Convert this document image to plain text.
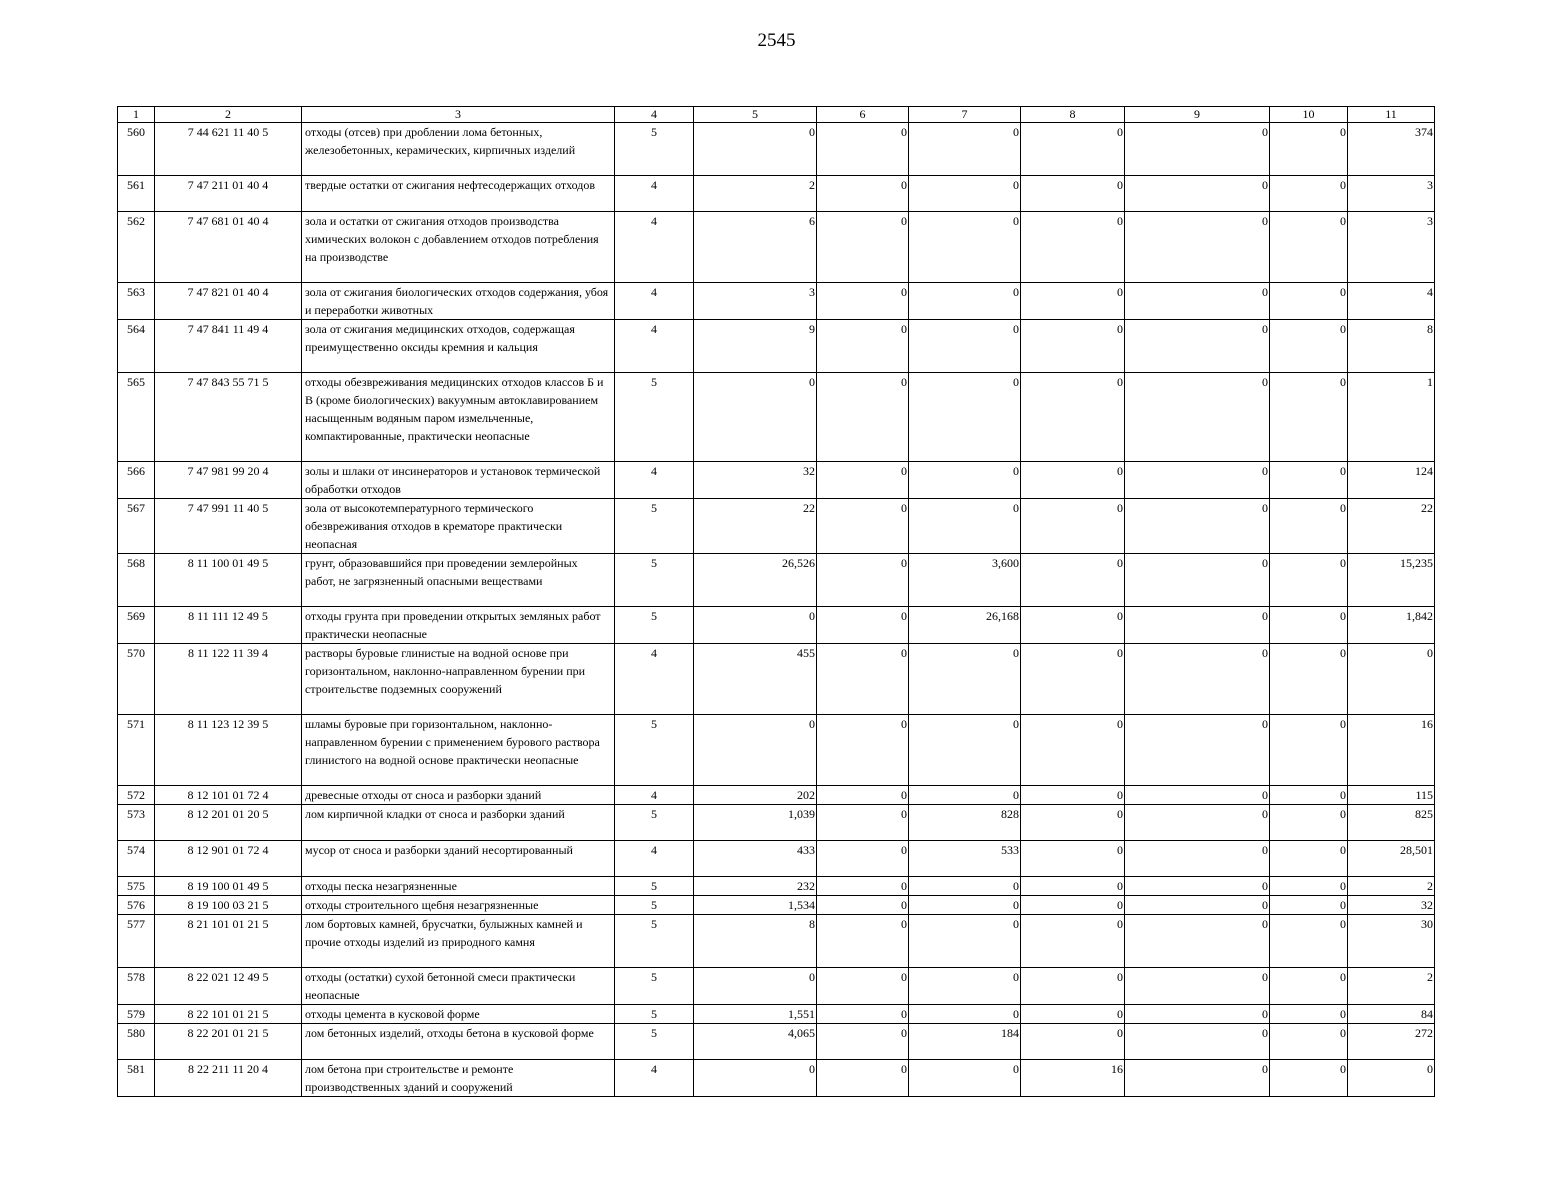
2545
1	2	3	4	5	6	7	8	9	10	11
560	7 44 621 11 40 5	отходы (отсев) при дроблении лома бетонных, железобетонных, керамических, кирпичных изделий	5	0	0	0	0	0	0	374
561	7 47 211 01 40 4	твердые остатки от сжигания нефтесодержащих отходов	4	2	0	0	0	0	0	3
562	7 47 681 01 40 4	зола и остатки от сжигания отходов производства химических волокон с добавлением отходов потребления на производстве	4	6	0	0	0	0	0	3
563	7 47 821 01 40 4	зола от сжигания биологических отходов содержания, убоя и переработки животных	4	3	0	0	0	0	0	4
564	7 47 841 11 49 4	зола от сжигания медицинских отходов, содержащая преимущественно оксиды кремния и кальция	4	9	0	0	0	0	0	8
565	7 47 843 55 71 5	отходы обезвреживания медицинских отходов классов Б и В (кроме биологических) вакуумным автоклавированием насыщенным водяным паром измельченные, компактированные, практически неопасные	5	0	0	0	0	0	0	1
566	7 47 981 99 20 4	золы и шлаки от инсинераторов и установок термической обработки отходов	4	32	0	0	0	0	0	124
567	7 47 991 11 40 5	зола от высокотемпературного термического обезвреживания отходов в крематоре практически неопасная	5	22	0	0	0	0	0	22
568	8 11 100 01 49 5	грунт, образовавшийся при проведении землеройных работ, не загрязненный опасными веществами	5	26,526	0	3,600	0	0	0	15,235
569	8 11 111 12 49 5	отходы грунта при проведении открытых земляных работ практически неопасные	5	0	0	26,168	0	0	0	1,842
570	8 11 122 11 39 4	растворы буровые глинистые на водной основе при горизонтальном, наклонно-направленном бурении при строительстве подземных сооружений	4	455	0	0	0	0	0	0
571	8 11 123 12 39 5	шламы буровые при горизонтальном, наклонно-направленном бурении с применением бурового раствора глинистого на водной основе практически неопасные	5	0	0	0	0	0	0	16
572	8 12 101 01 72 4	древесные отходы от сноса и разборки зданий	4	202	0	0	0	0	0	115
573	8 12 201 01 20 5	лом кирпичной кладки от сноса и разборки зданий	5	1,039	0	828	0	0	0	825
574	8 12 901 01 72 4	мусор от сноса и разборки зданий несортированный	4	433	0	533	0	0	0	28,501
575	8 19 100 01 49 5	отходы песка незагрязненные	5	232	0	0	0	0	0	2
576	8 19 100 03 21 5	отходы строительного щебня незагрязненные	5	1,534	0	0	0	0	0	32
577	8 21 101 01 21 5	лом бортовых камней, брусчатки, булыжных камней и прочие отходы изделий из природного камня	5	8	0	0	0	0	0	30
578	8 22 021 12 49 5	отходы (остатки) сухой бетонной смеси практически неопасные	5	0	0	0	0	0	0	2
579	8 22 101 01 21 5	отходы цемента в кусковой форме	5	1,551	0	0	0	0	0	84
580	8 22 201 01 21 5	лом бетонных изделий, отходы бетона в кусковой форме	5	4,065	0	184	0	0	0	272
581	8 22 211 11 20 4	лом бетона при строительстве и ремонте производственных зданий и сооружений	4	0	0	0	16	0	0	0
